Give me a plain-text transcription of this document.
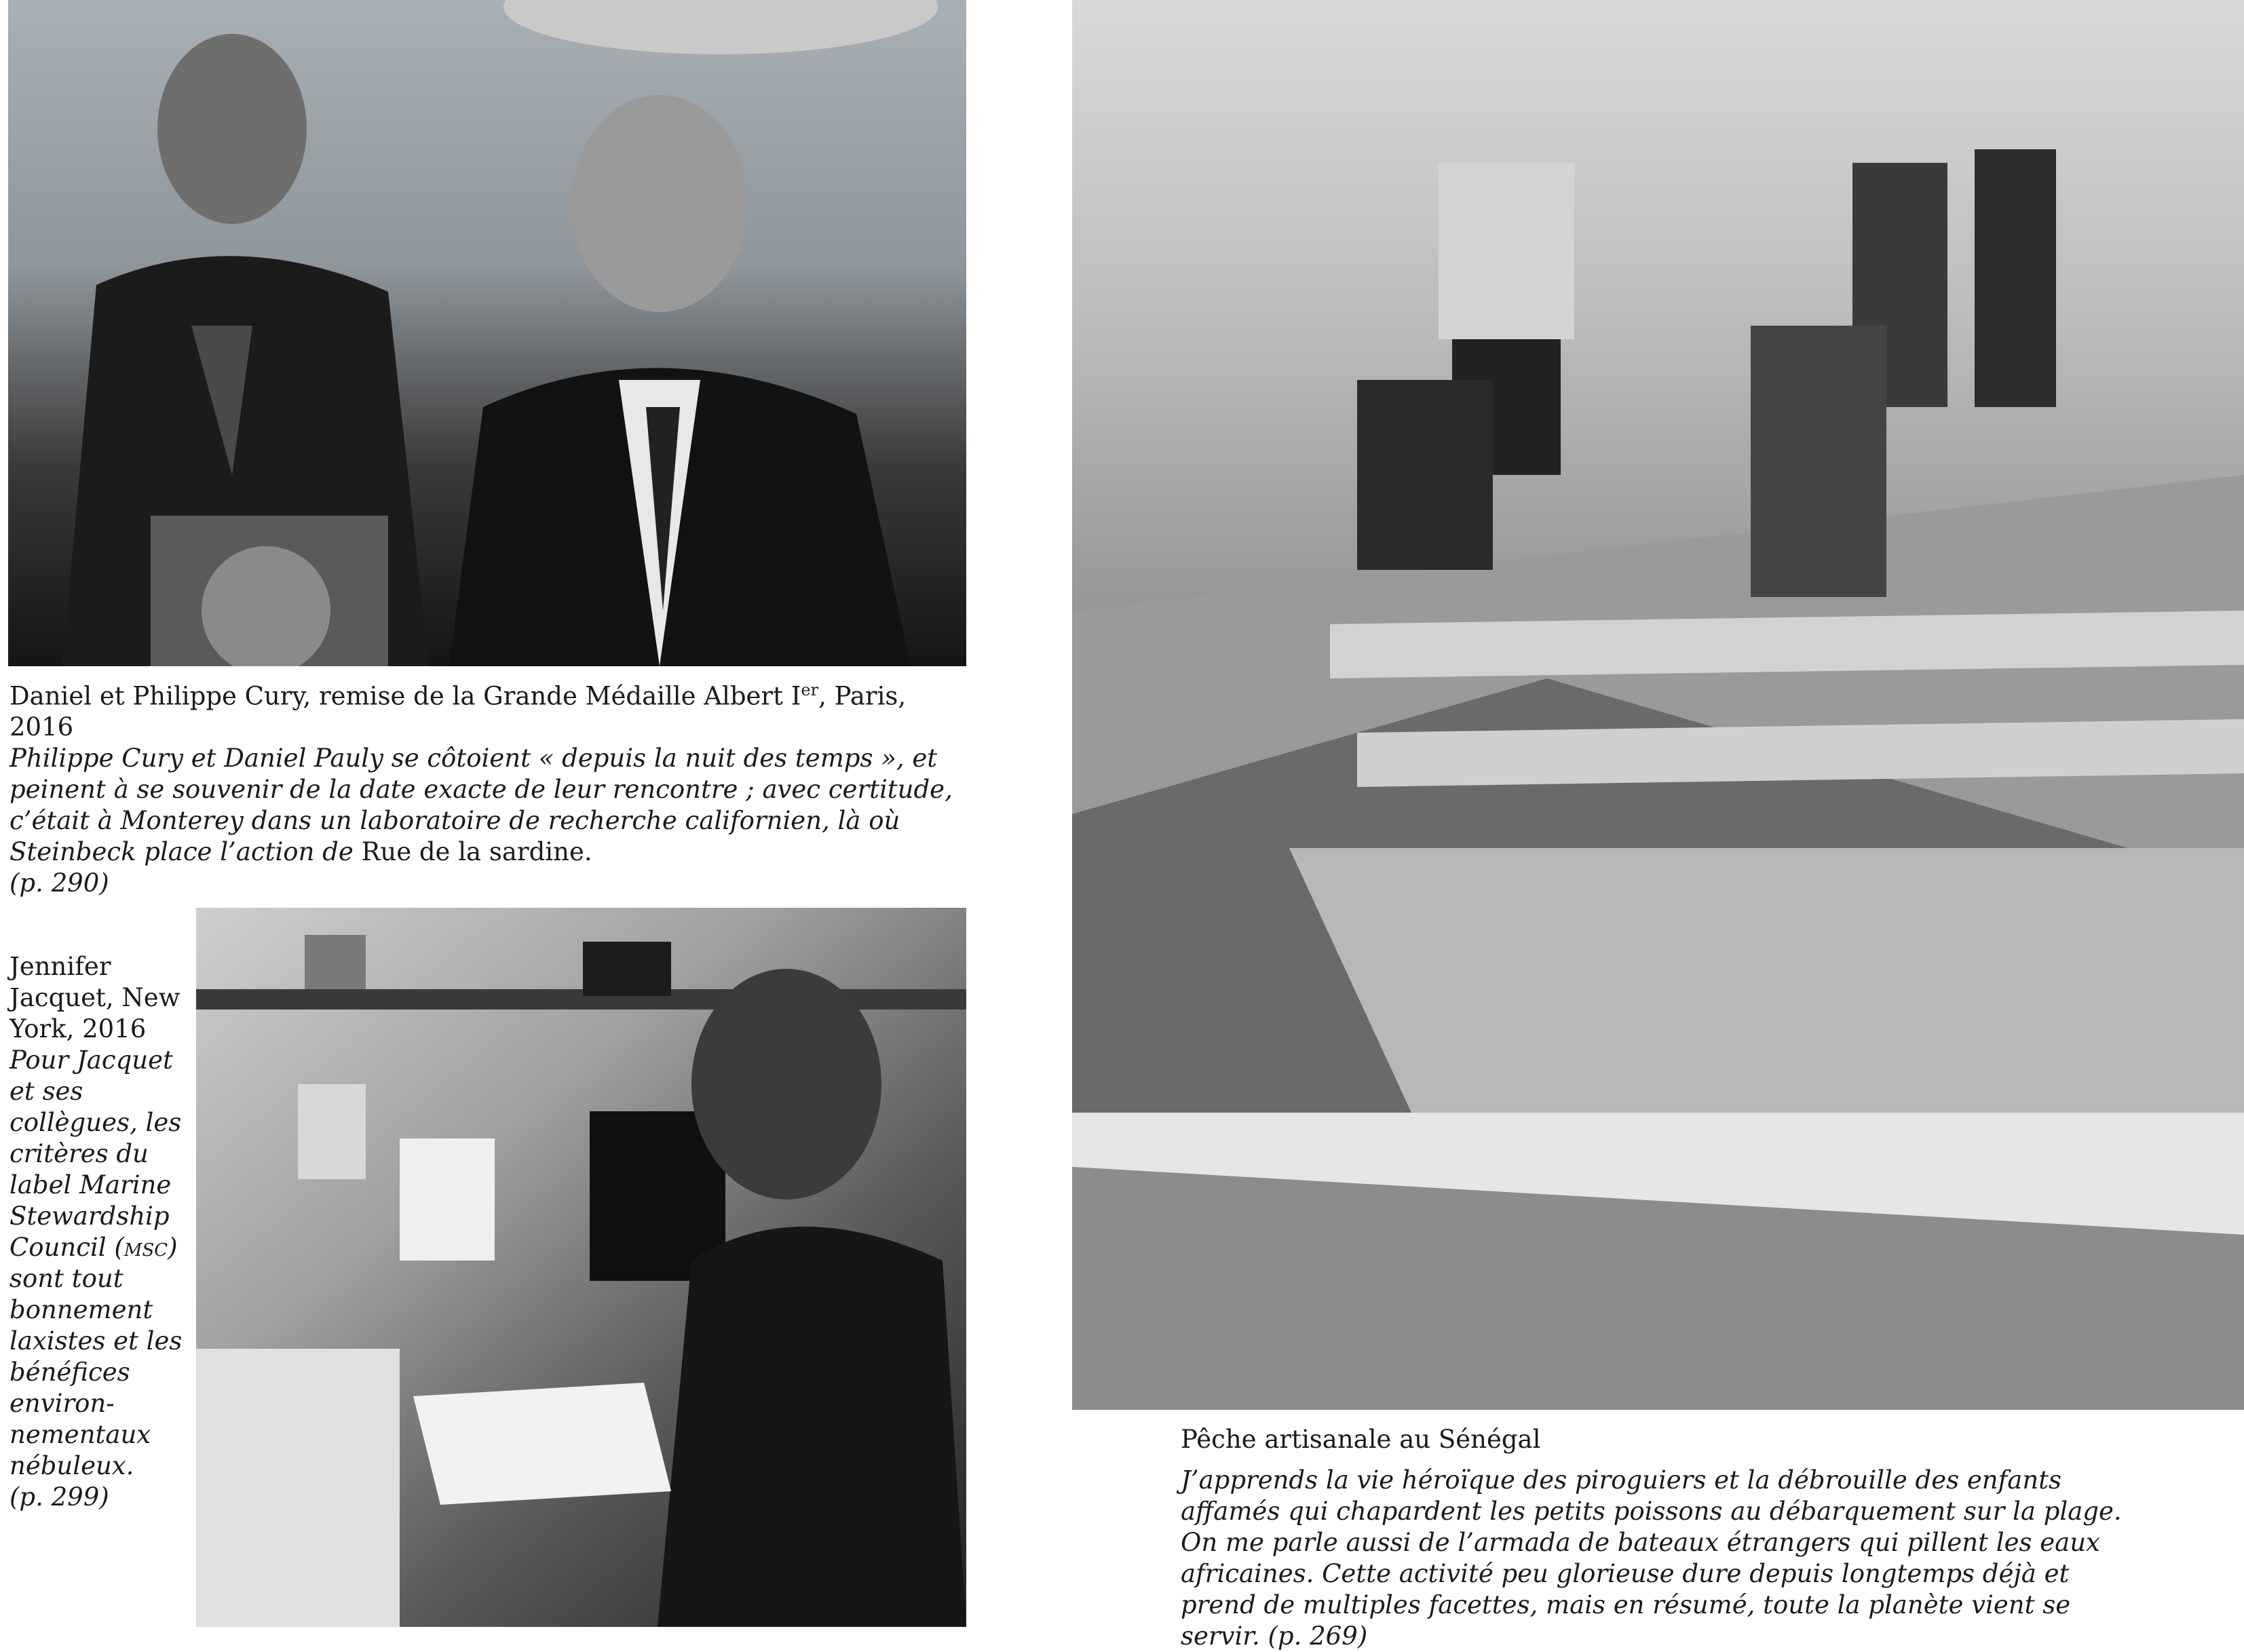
Daniel et Philippe Cury, remise de la Grande Médaille Albert Ier, Paris, 2016
Philippe Cury et Daniel Pauly se côtoient « depuis la nuit des temps », et peinent à se souvenir de la date exacte de leur rencontre ; avec certitude, c’était à Monterey dans un laboratoire de recherche californien, là où Steinbeck place l’action de Rue de la sardine.
(p. 290)
Jennifer Jacquet, New York, 2016
Pour Jacquet et ses collègues, les critères du label Marine Stewardship Council (msc) sont tout bonnement laxistes et les bénéfices environ-nementaux nébuleux.
(p. 299)
Pêche artisanale au Sénégal
J’apprends la vie héroïque des piroguiers et la débrouille des enfants affamés qui chapardent les petits poissons au débarquement sur la plage. On me parle aussi de l’armada de bateaux étrangers qui pillent les eaux africaines. Cette activité peu glorieuse dure depuis longtemps déjà et prend de multiples facettes, mais en résumé, toute la planète vient se servir. (p. 269)
